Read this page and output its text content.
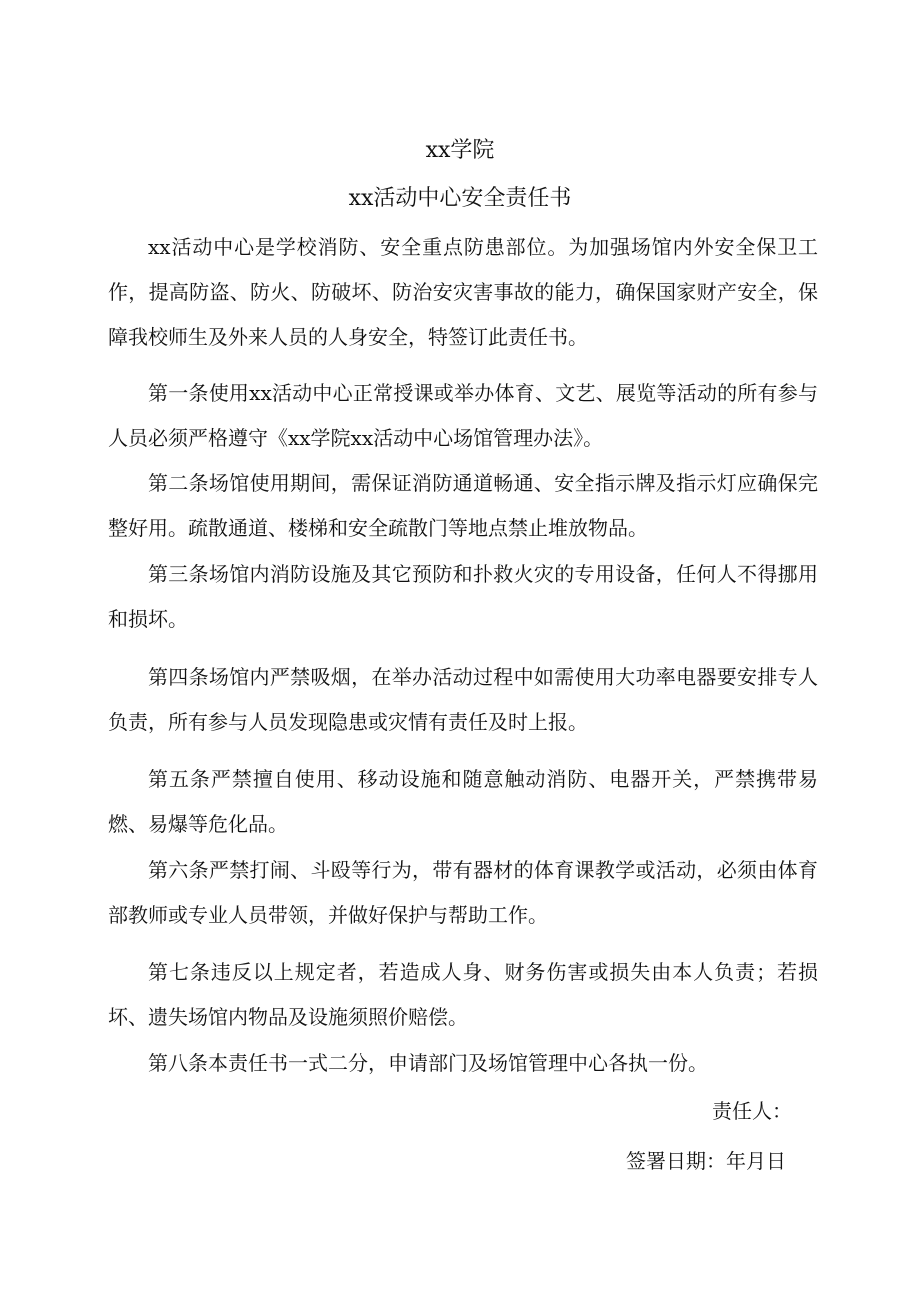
xx学院
xx活动中心安全责任书
xx活动中心是学校消防、安全重点防患部位。为加强场馆内外安全保卫工作，提高防盗、防火、防破坏、防治安灾害事故的能力，确保国家财产安全，保障我校师生及外来人员的人身安全，特签订此责任书。
第一条使用xx活动中心正常授课或举办体育、文艺、展览等活动的所有参与人员必须严格遵守《xx学院xx活动中心场馆管理办法》。
第二条场馆使用期间，需保证消防通道畅通、安全指示牌及指示灯应确保完整好用。疏散通道、楼梯和安全疏散门等地点禁止堆放物品。
第三条场馆内消防设施及其它预防和扑救火灾的专用设备，任何人不得挪用和损坏。
第四条场馆内严禁吸烟，在举办活动过程中如需使用大功率电器要安排专人负责，所有参与人员发现隐患或灾情有责任及时上报。
第五条严禁擅自使用、移动设施和随意触动消防、电器开关，严禁携带易燃、易爆等危化品。
第六条严禁打闹、斗殴等行为，带有器材的体育课教学或活动，必须由体育部教师或专业人员带领，并做好保护与帮助工作。
第七条违反以上规定者，若造成人身、财务伤害或损失由本人负责；若损坏、遗失场馆内物品及设施须照价赔偿。
第八条本责任书一式二分，申请部门及场馆管理中心各执一份。
责任人：
签署日期：年月日
